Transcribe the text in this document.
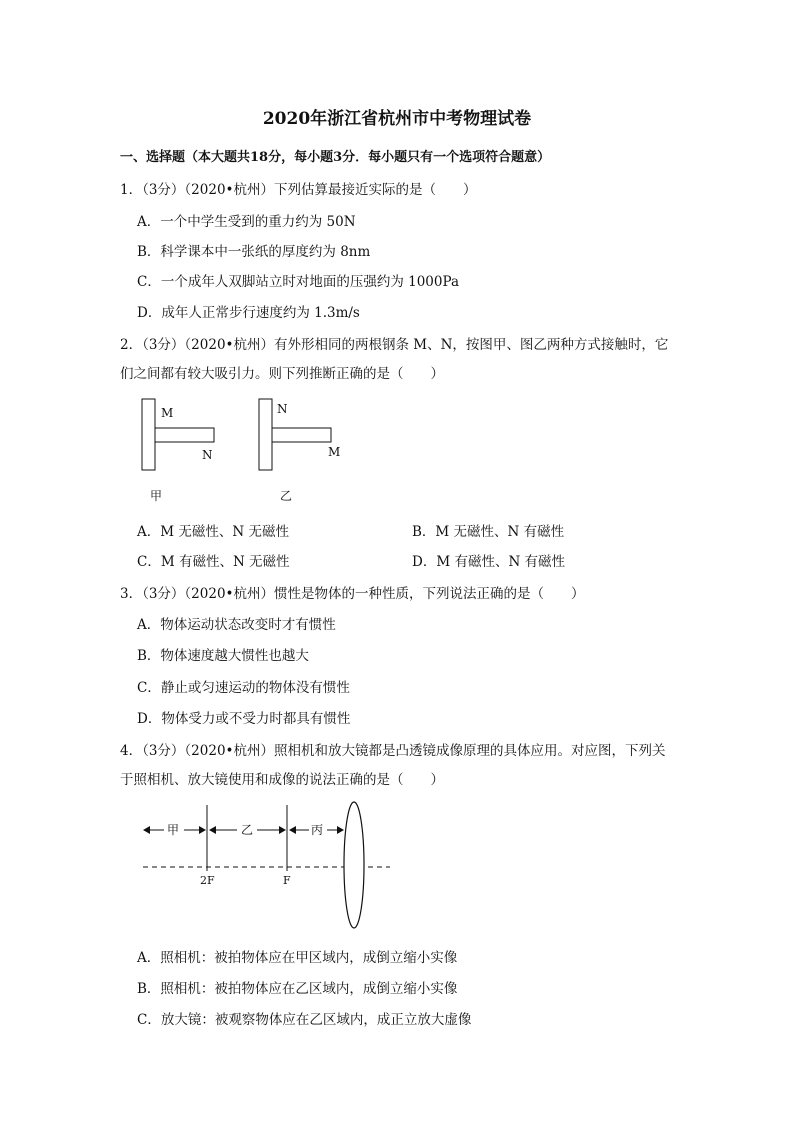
2020年浙江省杭州市中考物理试卷
一、选择题（本大题共18分，每小题3分．每小题只有一个选项符合题意）
1．（3分）（2020•杭州）下列估算最接近实际的是（　　）
A．一个中学生受到的重力约为 50N
B．科学课本中一张纸的厚度约为 8nm
C．一个成年人双脚站立时对地面的压强约为 1000Pa
D．成年人正常步行速度约为 1.3m/s
2．（3分）（2020•杭州）有外形相同的两根钢条 M、N，按图甲、图乙两种方式接触时，它
们之间都有较大吸引力。则下列推断正确的是（　　）
M
N
甲
N
M
乙
A．M 无磁性、N 无磁性	B．M 无磁性、N 有磁性
C．M 有磁性、N 无磁性	D．M 有磁性、N 有磁性
3．（3分）（2020•杭州）惯性是物体的一种性质，下列说法正确的是（　　）
A．物体运动状态改变时才有惯性
B．物体速度越大惯性也越大
C．静止或匀速运动的物体没有惯性
D．物体受力或不受力时都具有惯性
4．（3分）（2020•杭州）照相机和放大镜都是凸透镜成像原理的具体应用。对应图，下列关
于照相机、放大镜使用和成像的说法正确的是（　　）
甲	乙	丙
2F	F
A．照相机：被拍物体应在甲区域内，成倒立缩小实像
B．照相机：被拍物体应在乙区域内，成倒立缩小实像
C．放大镜：被观察物体应在乙区域内，成正立放大虚像
